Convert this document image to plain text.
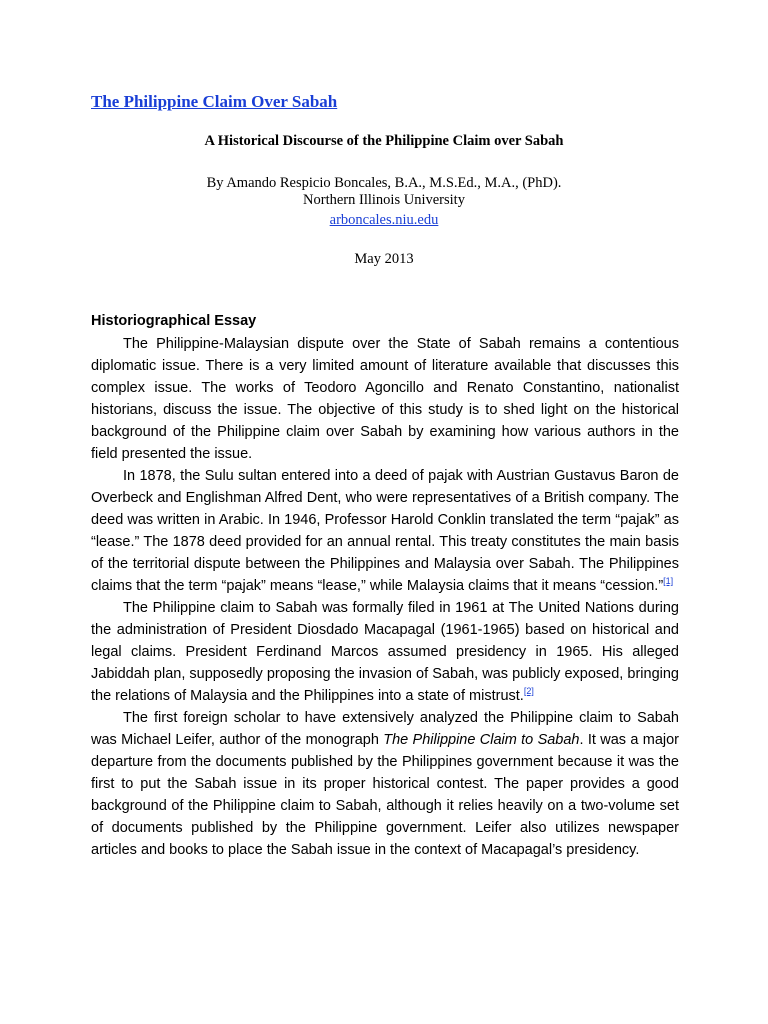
The Philippine Claim Over Sabah
A Historical Discourse of the Philippine Claim over Sabah
By Amando Respicio Boncales, B.A., M.S.Ed., M.A., (PhD).
Northern Illinois University
arboncales.niu.edu
May 2013
Historiographical Essay

The Philippine-Malaysian dispute over the State of Sabah remains a contentious diplomatic issue. There is a very limited amount of literature available that discusses this complex issue. The works of Teodoro Agoncillo and Renato Constantino, nationalist historians, discuss the issue. The objective of this study is to shed light on the historical background of the Philippine claim over Sabah by examining how various authors in the field presented the issue.

In 1878, the Sulu sultan entered into a deed of pajak with Austrian Gustavus Baron de Overbeck and Englishman Alfred Dent, who were representatives of a British company. The deed was written in Arabic. In 1946, Professor Harold Conklin translated the term “pajak” as “lease.” The 1878 deed provided for an annual rental. This treaty constitutes the main basis of the territorial dispute between the Philippines and Malaysia over Sabah. The Philippines claims that the term “pajak” means “lease,” while Malaysia claims that it means “cession.”[1]

The Philippine claim to Sabah was formally filed in 1961 at The United Nations during the administration of President Diosdado Macapagal (1961-1965) based on historical and legal claims. President Ferdinand Marcos assumed presidency in 1965. His alleged Jabiddah plan, supposedly proposing the invasion of Sabah, was publicly exposed, bringing the relations of Malaysia and the Philippines into a state of mistrust.[2]

The first foreign scholar to have extensively analyzed the Philippine claim to Sabah was Michael Leifer, author of the monograph The Philippine Claim to Sabah. It was a major departure from the documents published by the Philippines government because it was the first to put the Sabah issue in its proper historical contest. The paper provides a good background of the Philippine claim to Sabah, although it relies heavily on a two-volume set of documents published by the Philippine government. Leifer also utilizes newspaper articles and books to place the Sabah issue in the context of Macapagal’s presidency.
